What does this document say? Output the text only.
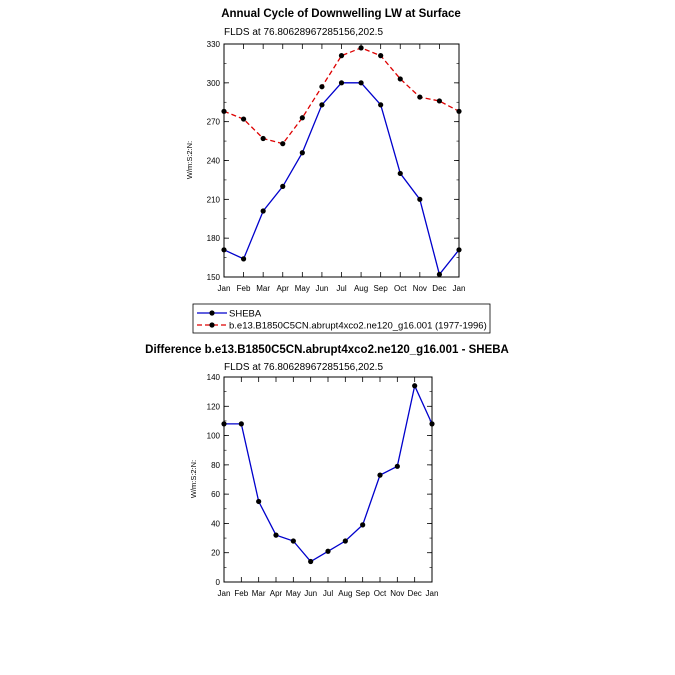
Annual Cycle of Downwelling LW at Surface
FLDS at 76.80628967285156,202.5
W/m:S:2:N:
150
180
210
240
270
300
330
Jan Feb Mar Apr May Jun Jul Aug Sep Oct Nov Dec Jan
SHEBA
b.e13.B1850C5CN.abrupt4xco2.ne120_g16.001 (1977-1996)
Difference b.e13.B1850C5CN.abrupt4xco2.ne120_g16.001 - SHEBA
FLDS at 76.80628967285156,202.5
W/m:S:2:N:
0
20
40
60
80
100
120
140
Jan Feb Mar Apr May Jun Jul Aug Sep Oct Nov Dec Jan
